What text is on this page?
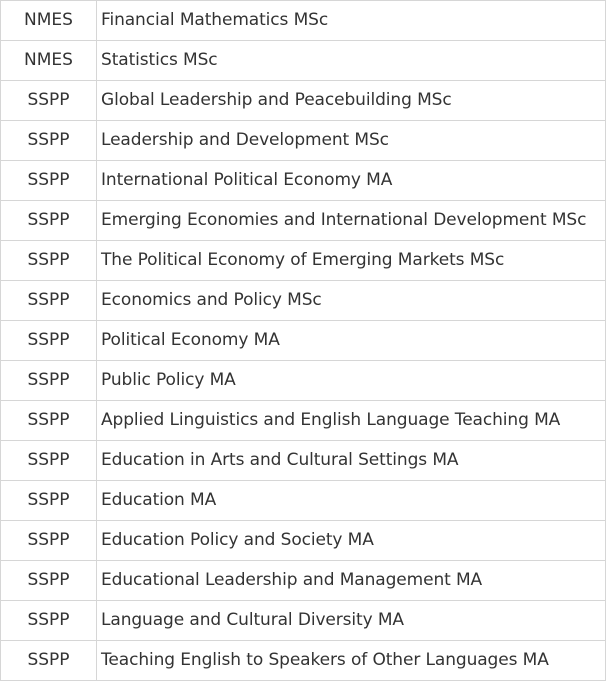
NMES	Financial Mathematics MSc
NMES	Statistics MSc
SSPP	Global Leadership and Peacebuilding MSc
SSPP	Leadership and Development MSc
SSPP	International Political Economy MA
SSPP	Emerging Economies and International Development MSc
SSPP	The Political Economy of Emerging Markets MSc
SSPP	Economics and Policy MSc
SSPP	Political Economy MA
SSPP	Public Policy MA
SSPP	Applied Linguistics and English Language Teaching MA
SSPP	Education in Arts and Cultural Settings MA
SSPP	Education MA
SSPP	Education Policy and Society MA
SSPP	Educational Leadership and Management MA
SSPP	Language and Cultural Diversity MA
SSPP	Teaching English to Speakers of Other Languages MA
